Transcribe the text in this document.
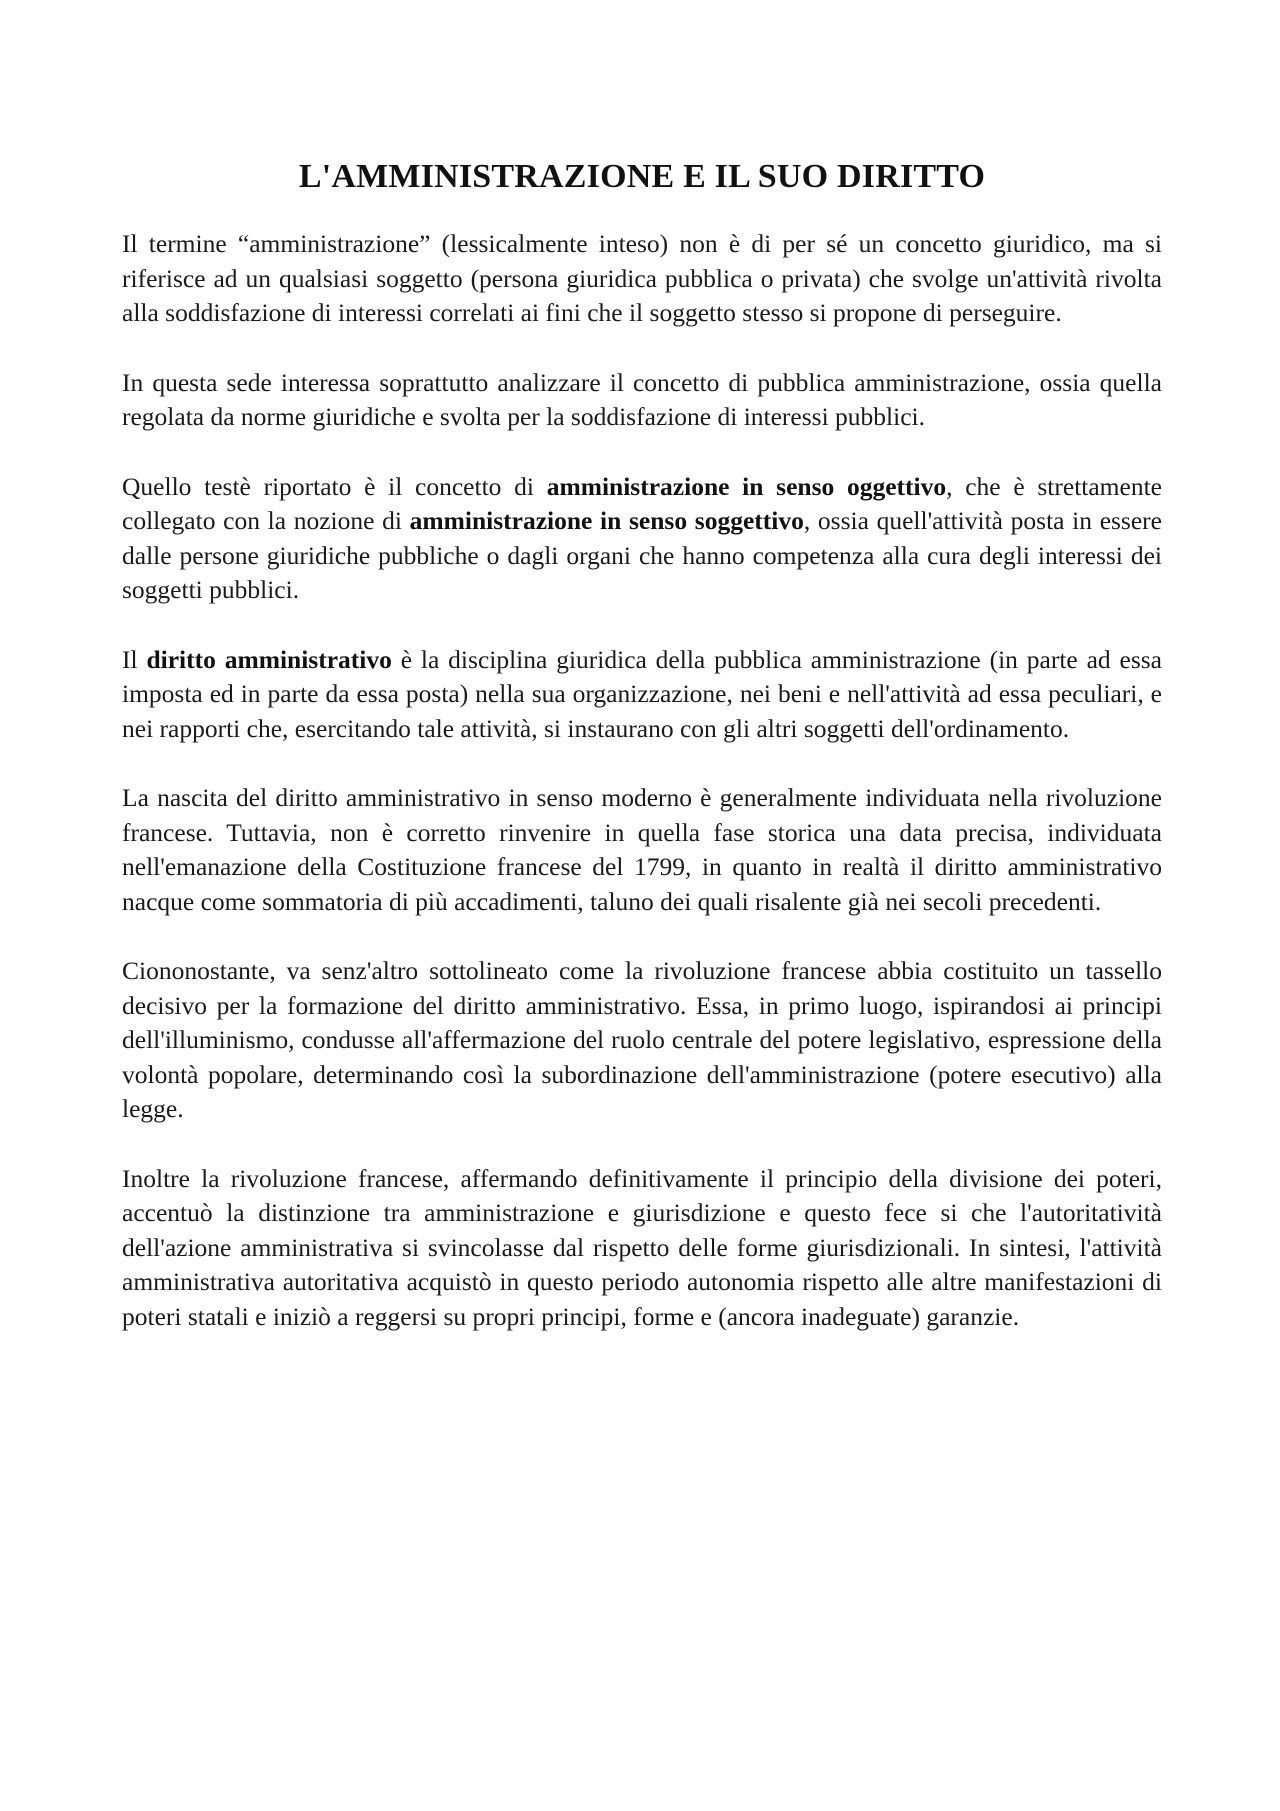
L'AMMINISTRAZIONE E IL SUO DIRITTO

Il termine “amministrazione” (lessicalmente inteso) non è di per sé un concetto giuridico, ma si riferisce ad un qualsiasi soggetto (persona giuridica pubblica o privata) che svolge un'attività rivolta alla soddisfazione di interessi correlati ai fini che il soggetto stesso si propone di perseguire.

In questa sede interessa soprattutto analizzare il concetto di pubblica amministrazione, ossia quella regolata da norme giuridiche e svolta per la soddisfazione di interessi pubblici.

Quello testè riportato è il concetto di amministrazione in senso oggettivo, che è strettamente collegato con la nozione di amministrazione in senso soggettivo, ossia quell'attività posta in essere dalle persone giuridiche pubbliche o dagli organi che hanno competenza alla cura degli interessi dei soggetti pubblici.

Il diritto amministrativo è la disciplina giuridica della pubblica amministrazione (in parte ad essa imposta ed in parte da essa posta) nella sua organizzazione, nei beni e nell'attività ad essa peculiari, e nei rapporti che, esercitando tale attività, si instaurano con gli altri soggetti dell'ordinamento.

La nascita del diritto amministrativo in senso moderno è generalmente individuata nella rivoluzione francese. Tuttavia, non è corretto rinvenire in quella fase storica una data precisa, individuata nell'emanazione della Costituzione francese del 1799, in quanto in realtà il diritto amministrativo nacque come sommatoria di più accadimenti, taluno dei quali risalente già nei secoli precedenti.

Ciononostante, va senz'altro sottolineato come la rivoluzione francese abbia costituito un tassello decisivo per la formazione del diritto amministrativo. Essa, in primo luogo, ispirandosi ai principi dell'illuminismo, condusse all'affermazione del ruolo centrale del potere legislativo, espressione della volontà popolare, determinando così la subordinazione dell'amministrazione (potere esecutivo) alla legge.

Inoltre la rivoluzione francese, affermando definitivamente il principio della divisione dei poteri, accentuò la distinzione tra amministrazione e giurisdizione e questo fece si che l'autoritatività dell'azione amministrativa si svincolasse dal rispetto delle forme giurisdizionali. In sintesi, l'attività amministrativa autoritativa acquistò in questo periodo autonomia rispetto alle altre manifestazioni di poteri statali e iniziò a reggersi su propri principi, forme e (ancora inadeguate) garanzie.
